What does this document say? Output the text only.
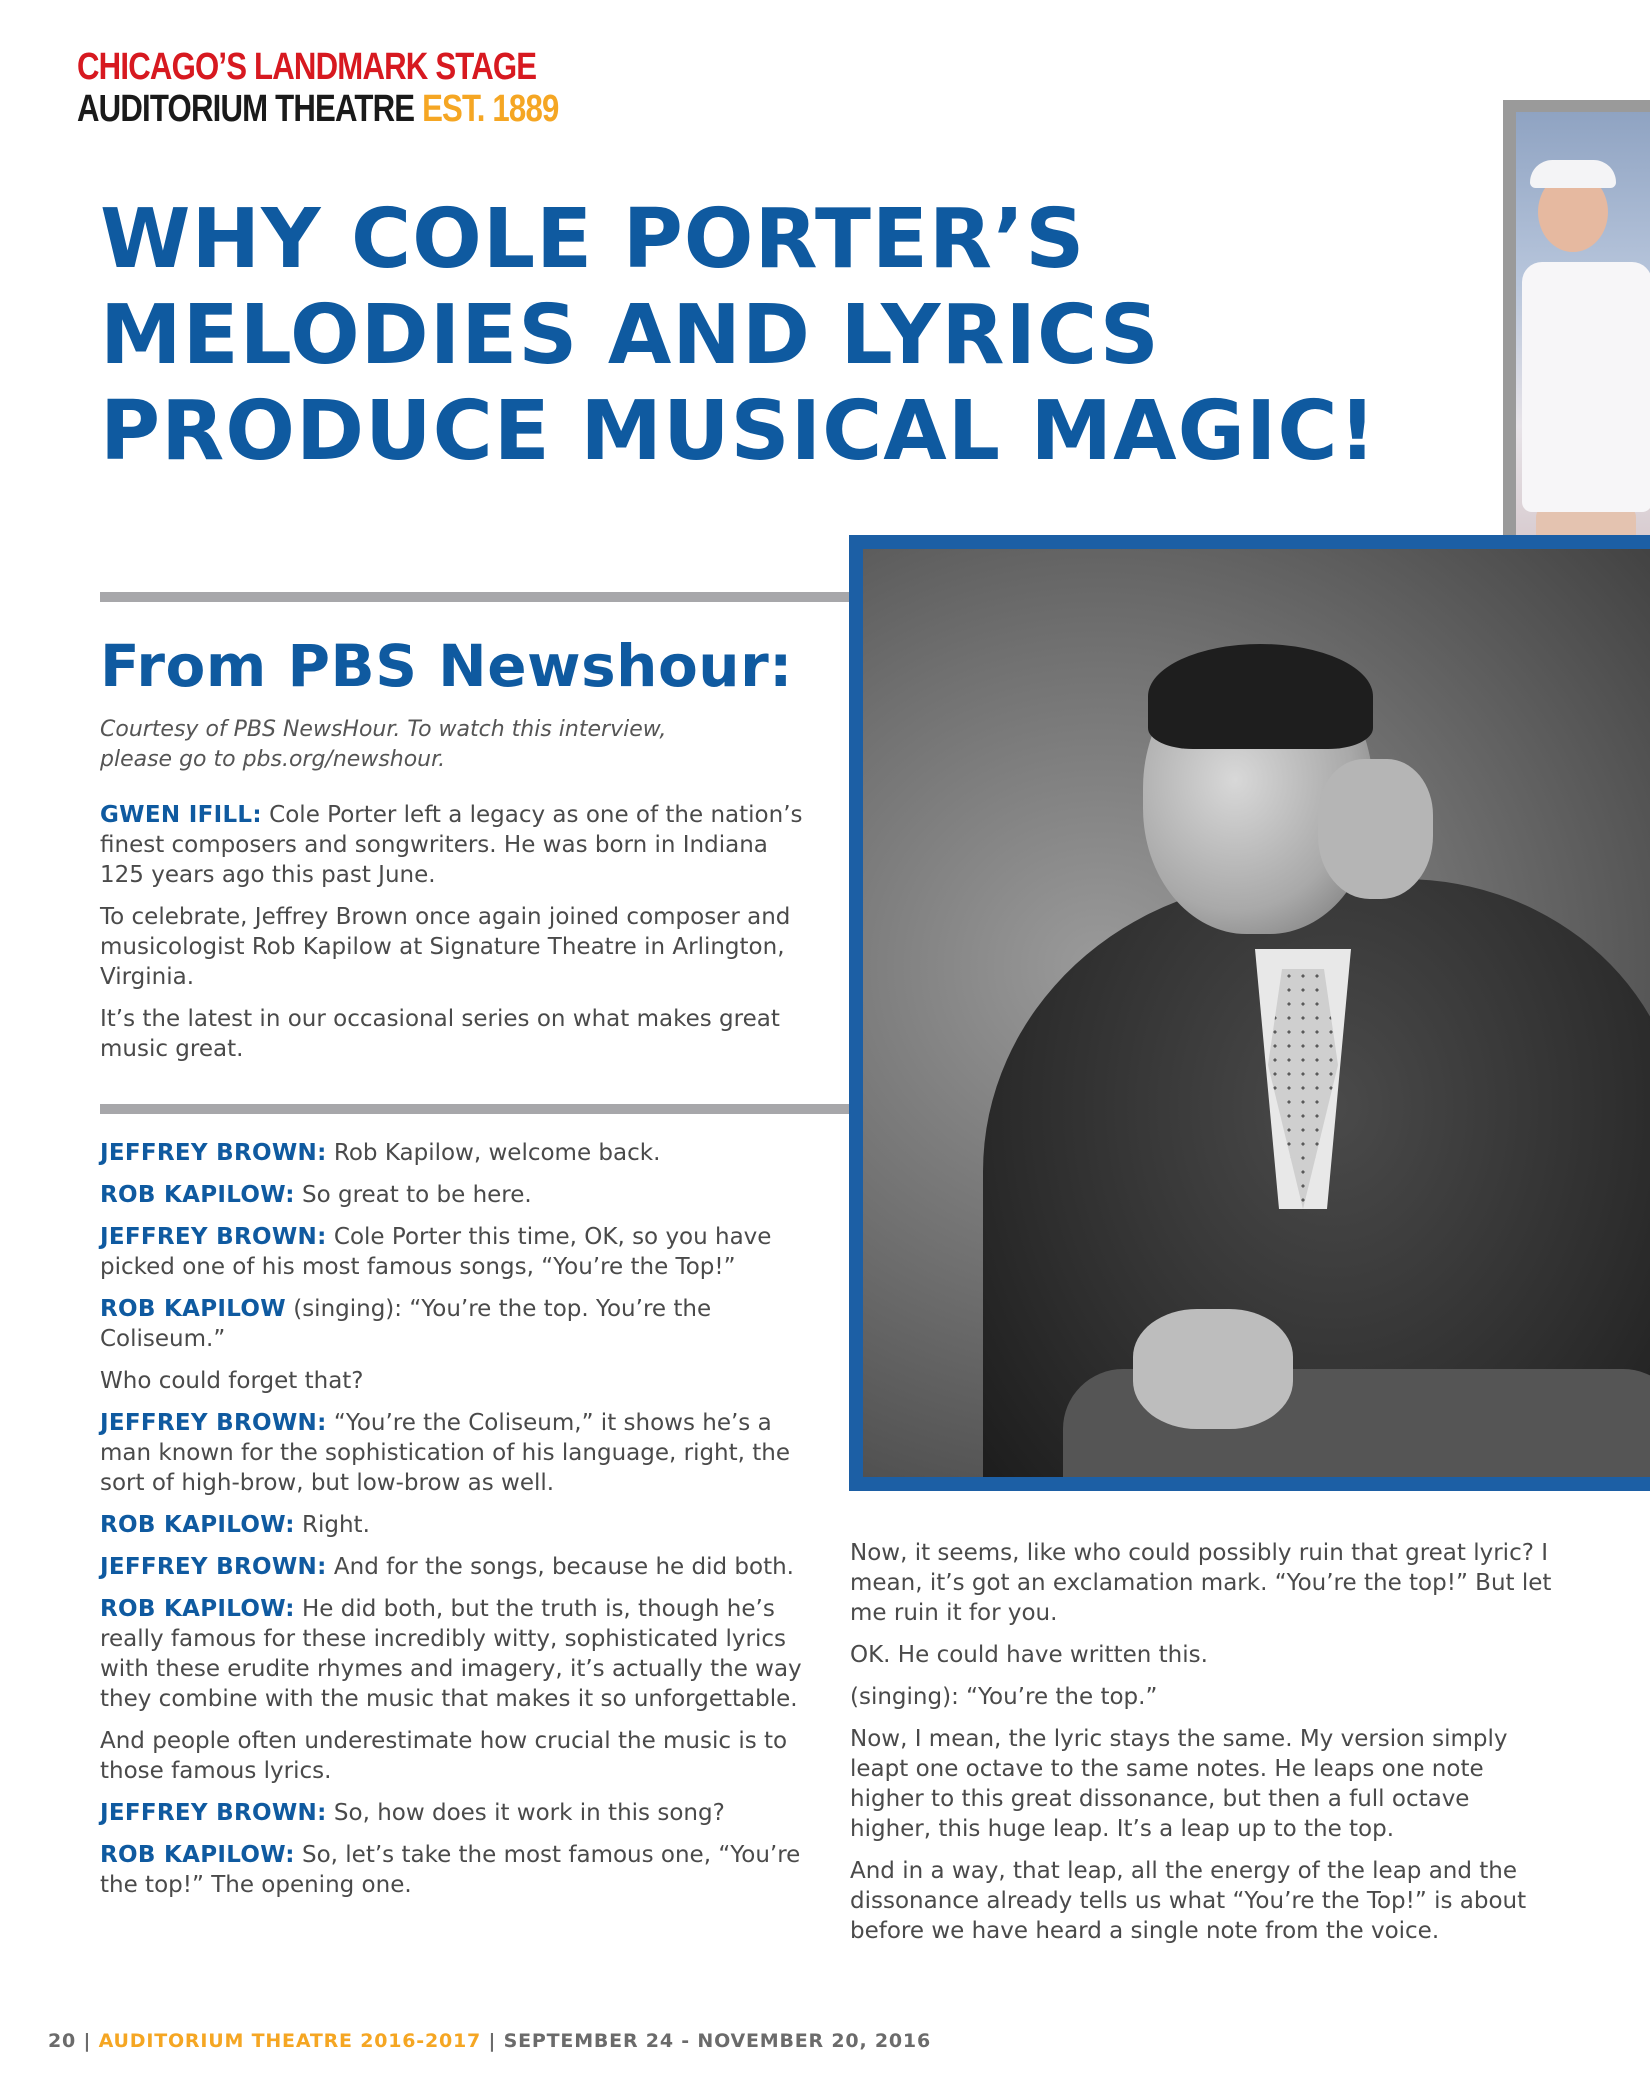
CHICAGO’S LANDMARK STAGE
AUDITORIUM THEATRE EST. 1889
WHY COLE PORTER’S
MELODIES AND LYRICS
PRODUCE MUSICAL MAGIC!
From PBS Newshour:
Courtesy of PBS NewsHour. To watch this interview,
please go to pbs.org/newshour.

GWEN IFILL: Cole Porter left a legacy as one of the nation’s finest composers and songwriters. He was born in Indiana 125 years ago this past June.

To celebrate, Jeffrey Brown once again joined composer and musicologist Rob Kapilow at Signature Theatre in Arlington, Virginia.

It’s the latest in our occasional series on what makes great music great.

JEFFREY BROWN: Rob Kapilow, welcome back.

ROB KAPILOW: So great to be here.

JEFFREY BROWN: Cole Porter this time, OK, so you have picked one of his most famous songs, “You’re the Top!”

ROB KAPILOW (singing): “You’re the top. You’re the Coliseum.”

Who could forget that?

JEFFREY BROWN: “You’re the Coliseum,” it shows he’s a man known for the sophistication of his language, right, the sort of high-brow, but low-brow as well.

ROB KAPILOW: Right.

JEFFREY BROWN: And for the songs, because he did both.

ROB KAPILOW: He did both, but the truth is, though he’s really famous for these incredibly witty, sophisticated lyrics with these erudite rhymes and imagery, it’s actually the way they combine with the music that makes it so unforgettable.

And people often underestimate how crucial the music is to those famous lyrics.

JEFFREY BROWN: So, how does it work in this song?

ROB KAPILOW: So, let’s take the most famous one, “You’re the top!” The opening one.

Now, it seems, like who could possibly ruin that great lyric? I mean, it’s got an exclamation mark. “You’re the top!” But let me ruin it for you.

OK. He could have written this.

(singing): “You’re the top.”

Now, I mean, the lyric stays the same. My version simply leapt one octave to the same notes. He leaps one note higher to this great dissonance, but then a full octave higher, this huge leap. It’s a leap up to the top.

And in a way, that leap, all the energy of the leap and the dissonance already tells us what “You’re the Top!” is about before we have heard a single note from the voice.

20 | AUDITORIUM THEATRE 2016-2017 | SEPTEMBER 24 - NOVEMBER 20, 2016
